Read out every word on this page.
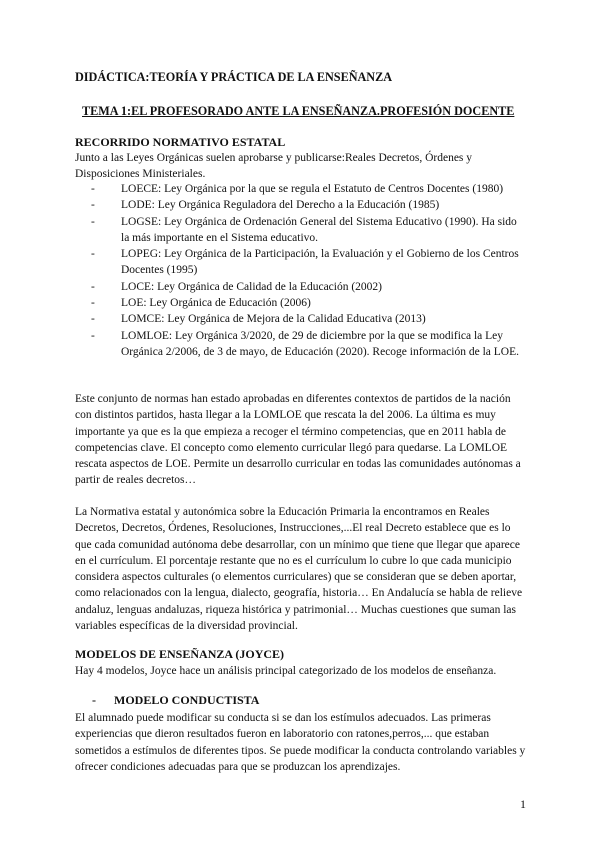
DIDÁCTICA:TEORÍA Y PRÁCTICA DE LA ENSEÑANZA
TEMA 1:EL PROFESORADO ANTE LA ENSEÑANZA.PROFESIÓN DOCENTE
RECORRIDO NORMATIVO ESTATAL

Junto a las Leyes Orgánicas suelen aprobarse y publicarse:Reales Decretos, Órdenes y Disposiciones Ministeriales.

- LOECE: Ley Orgánica por la que se regula el Estatuto de Centros Docentes (1980)
- LODE: Ley Orgánica Reguladora del Derecho a la Educación (1985)
- LOGSE: Ley Orgánica de Ordenación General del Sistema Educativo (1990). Ha sido la más importante en el Sistema educativo.
- LOPEG: Ley Orgánica de la Participación, la Evaluación y el Gobierno de los Centros Docentes (1995)
- LOCE: Ley Orgánica de Calidad de la Educación (2002)
- LOE: Ley Orgánica de Educación (2006)
- LOMCE: Ley Orgánica de Mejora de la Calidad Educativa (2013)
- LOMLOE: Ley Orgánica 3/2020, de 29 de diciembre por la que se modifica la Ley Orgánica 2/2006, de 3 de mayo, de Educación (2020). Recoge información de la LOE.

Este conjunto de normas han estado aprobadas en diferentes contextos de partidos de la nación con distintos partidos, hasta llegar a la LOMLOE que rescata la del 2006. La última es muy importante ya que es la que empieza a recoger el término competencias, que en 2011 habla de competencias clave. El concepto como elemento curricular llegó para quedarse. La LOMLOE rescata aspectos de LOE. Permite un desarrollo curricular en todas las comunidades autónomas a partir de reales decretos…

La Normativa estatal y autonómica sobre la Educación Primaria la encontramos en Reales Decretos, Decretos, Órdenes, Resoluciones, Instrucciones,...El real Decreto establece que es lo que cada comunidad autónoma debe desarrollar, con un mínimo que tiene que llegar que aparece en el currículum. El porcentaje restante que no es el currículum lo cubre lo que cada municipio considera aspectos culturales (o elementos curriculares) que se consideran que se deben aportar, como relacionados con la lengua, dialecto, geografía, historia… En Andalucía se habla de relieve andaluz, lenguas andaluzas, riqueza histórica y patrimonial… Muchas cuestiones que suman las variables específicas de la diversidad provincial.

MODELOS DE ENSEÑANZA (JOYCE)

Hay 4 modelos, Joyce hace un análisis principal categorizado de los modelos de enseñanza.

- MODELO CONDUCTISTA

El alumnado puede modificar su conducta si se dan los estímulos adecuados. Las primeras experiencias que dieron resultados fueron en laboratorio con ratones,perros,... que estaban sometidos a estímulos de diferentes tipos. Se puede modificar la conducta controlando variables y ofrecer condiciones adecuadas para que se produzcan los aprendizajes.

1
